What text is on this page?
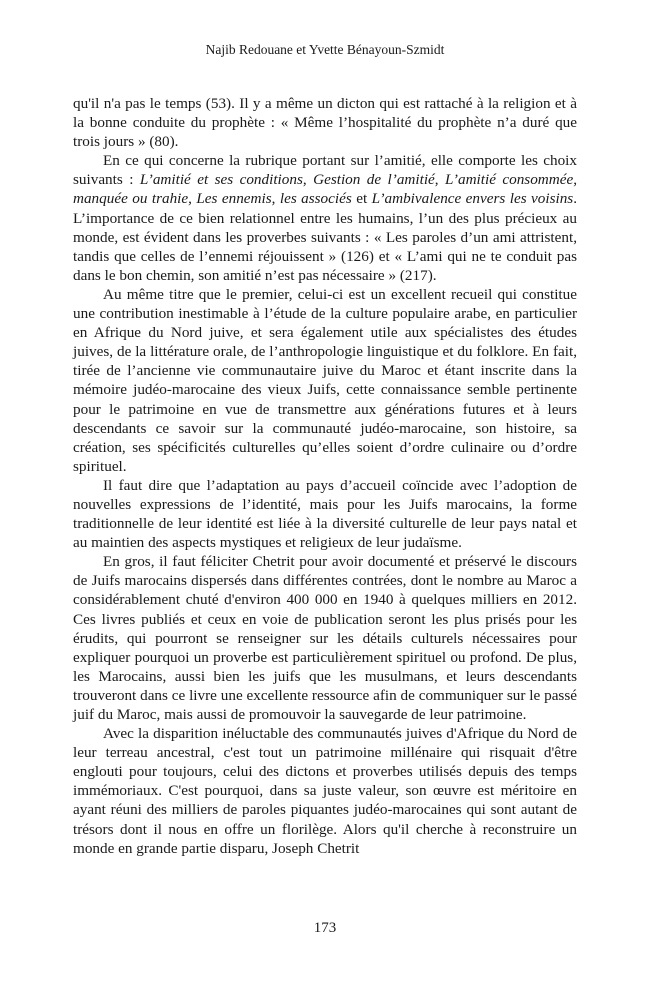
Najib Redouane et Yvette Bénayoun-Szmidt

qu'il n'a pas le temps (53). Il y a même un dicton qui est rattaché à la religion et à la bonne conduite du prophète : « Même l’hospitalité du prophète n’a duré que trois jours » (80).

En ce qui concerne la rubrique portant sur l’amitié, elle comporte les choix suivants : L’amitié et ses conditions, Gestion de l’amitié, L’amitié consommée, manquée ou trahie, Les ennemis, les associés et L’ambivalence envers les voisins. L’importance de ce bien relationnel entre les humains, l’un des plus précieux au monde, est évident dans les proverbes suivants : « Les paroles d’un ami attristent, tandis que celles de l’ennemi réjouissent » (126) et « L’ami qui ne te conduit pas dans le bon chemin, son amitié n’est pas nécessaire » (217).

Au même titre que le premier, celui-ci est un excellent recueil qui constitue une contribution inestimable à l’étude de la culture populaire arabe, en particulier en Afrique du Nord juive, et sera également utile aux spécialistes des études juives, de la littérature orale, de l’anthropologie linguistique et du folklore. En fait, tirée de l’ancienne vie communautaire juive du Maroc et étant inscrite dans la mémoire judéo-marocaine des vieux Juifs, cette connaissance semble pertinente pour le patrimoine en vue de transmettre aux générations futures et à leurs descendants ce savoir sur la communauté judéo-marocaine, son histoire, sa création, ses spécificités culturelles qu’elles soient d’ordre culinaire ou d’ordre spirituel.

Il faut dire que l’adaptation au pays d’accueil coïncide avec l’adoption de nouvelles expressions de l’identité, mais pour les Juifs marocains, la forme traditionnelle de leur identité est liée à la diversité culturelle de leur pays natal et au maintien des aspects mystiques et religieux de leur judaïsme.

En gros, il faut féliciter Chetrit pour avoir documenté et préservé le discours de Juifs marocains dispersés dans différentes contrées, dont le nombre au Maroc a considérablement chuté d'environ 400 000 en 1940 à quelques milliers en 2012. Ces livres publiés et ceux en voie de publication seront les plus prisés pour les érudits, qui pourront se renseigner sur les détails culturels nécessaires pour expliquer pourquoi un proverbe est particulièrement spirituel ou profond. De plus, les Marocains, aussi bien les juifs que les musulmans, et leurs descendants trouveront dans ce livre une excellente ressource afin de communiquer sur le passé juif du Maroc, mais aussi de promouvoir la sauvegarde de leur patrimoine.

Avec la disparition inéluctable des communautés juives d'Afrique du Nord de leur terreau ancestral, c'est tout un patrimoine millénaire qui risquait d'être englouti pour toujours, celui des dictons et proverbes utilisés depuis des temps immémoriaux. C'est pourquoi, dans sa juste valeur, son œuvre est méritoire en ayant réuni des milliers de paroles piquantes judéo-marocaines qui sont autant de trésors dont il nous en offre un florilège. Alors qu'il cherche à reconstruire un monde en grande partie disparu, Joseph Chetrit

173
